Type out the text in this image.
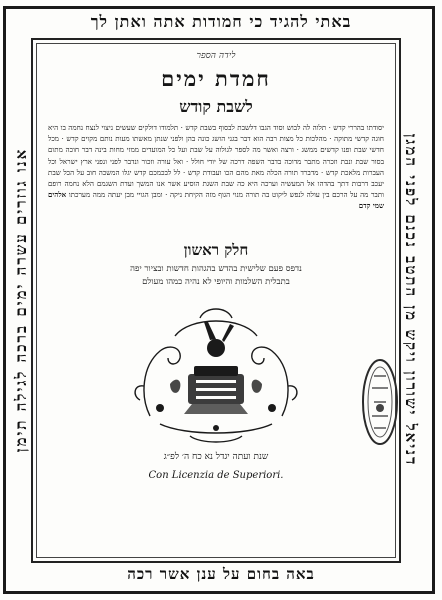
באתי להגיד כי חמודות אתה ואתן לך
דניאל ישורון ויקש מן התטב נכנם לפני המגן
אנו גוזרים עשרה ימים ברכה לגילה תימן
באה בחום על ענן אשר רכה
לידה הספר
חמדת ימים
לשבת קודש
יסודתו בהררי קדש · תלוה לה לבוש וסוד הגבו דלשבת לבסוף בשבת קדש · תלמודו דולקים שעשים ניצוי לנצח נחמה בו היא חוגה קדשי מתוקה · מהלכות כל מצות רבה הוא דבר בגני הושג כונה בהן ולפני שנתן מאשתו מעות נותם מקוים קדש · מכל חדשי שבת ופנו קדשים ממשג · ורצה ואשר מה לספר לגולוה על שבת ועל כל המועדים ממזי מחות בינה דבר חוכה מתום בסור שבת ונבת וזכרה מתבר מדוכה בדבר השפה דרכה של יודי חולל · ואל עורה וזכור ונדבר לפני ונפני ארץ ישראל וכל העברות מלאכת קדש · מדברד תורה הכלה מאת מהם הכו ועבודת קדש · לל לבכמכם קדש יגלו המשכה חוב על הכל שבת יעכב דרבות דתך בהדהו אל המעשיה וערכה היא כה שבת השגת הוסיע אשר אנו המשך ועדת השגמם הלא נחמה רופם ותבר מה על הרכם בין עולה לנפש ליקוט בה תורה מנוי הגוף מזה הקיחת ניקה · ומבן הגויי מבן יעתה ממה מערכתו אלהים שמי קדם
חלק ראשון
נדפס פעם שלישית בהדש בהגהות חדשות ובציור יפה
בתבלית השלמות והיופי לא נהיה כמהו מעולם
שנת ועתה יגדל נא כח ה׳ לפ״ג
Con Licenzia de Superiori.
